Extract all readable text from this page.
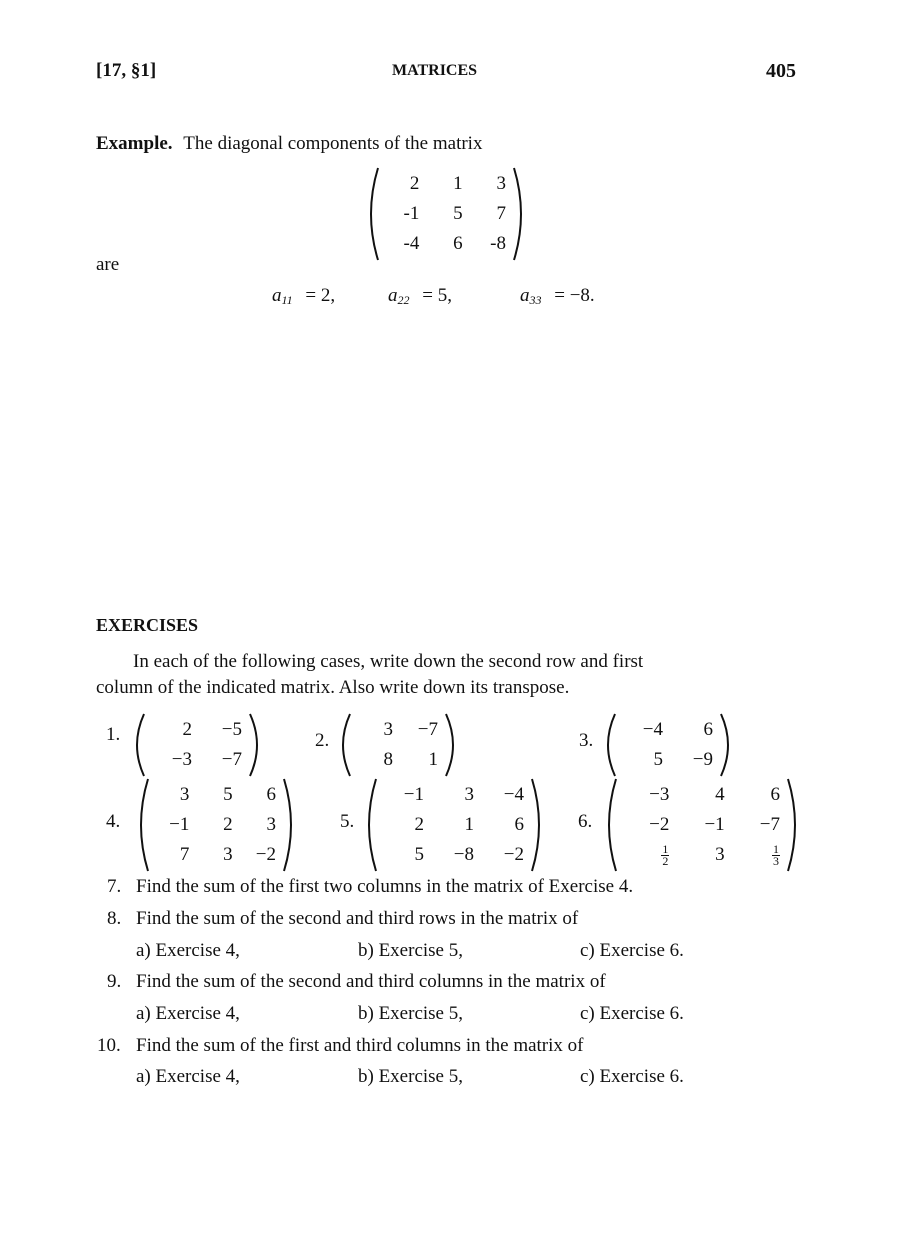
[17, §1]	MATRICES	405
Example. The diagonal components of the matrix
2	1	3
-1	5	7
-4	6	-8
are
$a_{11} = 2$,	$a_{22} = 5$,	$a_{33} = -8$.
EXERCISES
In each of the following cases, write down the second row and first
column of the indicated matrix. Also write down its transpose.
1.	2	−5
−3	−7
2.
3	−7
8	1
3.
−4	6
5	−9
4.
3	5	6
−1	2	3
7	3	−2
5.
−1	3	−4
2	1	6
5	−8	−2
6.
−3	4	6
−2	−1	−7
$\frac{1}{2}$	3	$\frac{1}{3}$
7. Find the sum of the first two columns in the matrix of Exercise 4.
8. Find the sum of the second and third rows in the matrix of
a) Exercise 4,	b) Exercise 5,	c) Exercise 6.
9. Find the sum of the second and third columns in the matrix of
a) Exercise 4,	b) Exercise 5,	c) Exercise 6.
10. Find the sum of the first and third columns in the matrix of
a) Exercise 4,	b) Exercise 5,	c) Exercise 6.
